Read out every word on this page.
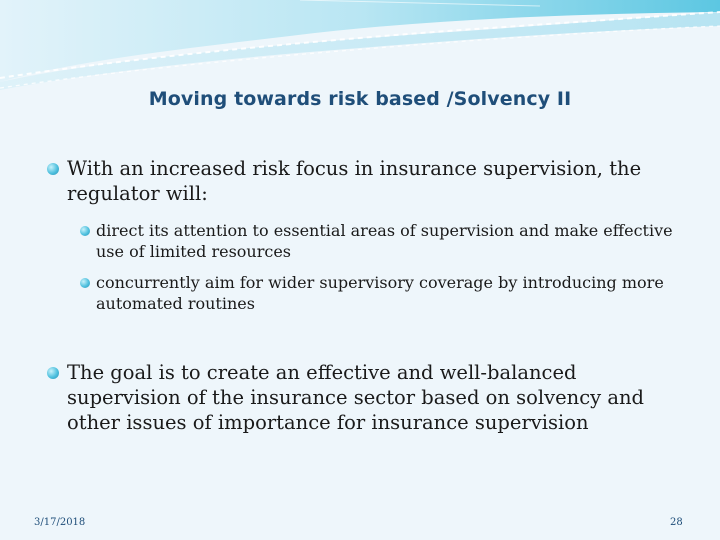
Moving towards risk based /Solvency II
With an increased risk focus in insurance supervision, the regulator will:
direct its attention to essential areas of supervision and make effective use of limited resources
concurrently aim for wider supervisory coverage by introducing more automated routines
The goal is to create an effective and well-balanced supervision of the insurance sector based on solvency and other issues of importance for insurance supervision
3/17/2018	28
